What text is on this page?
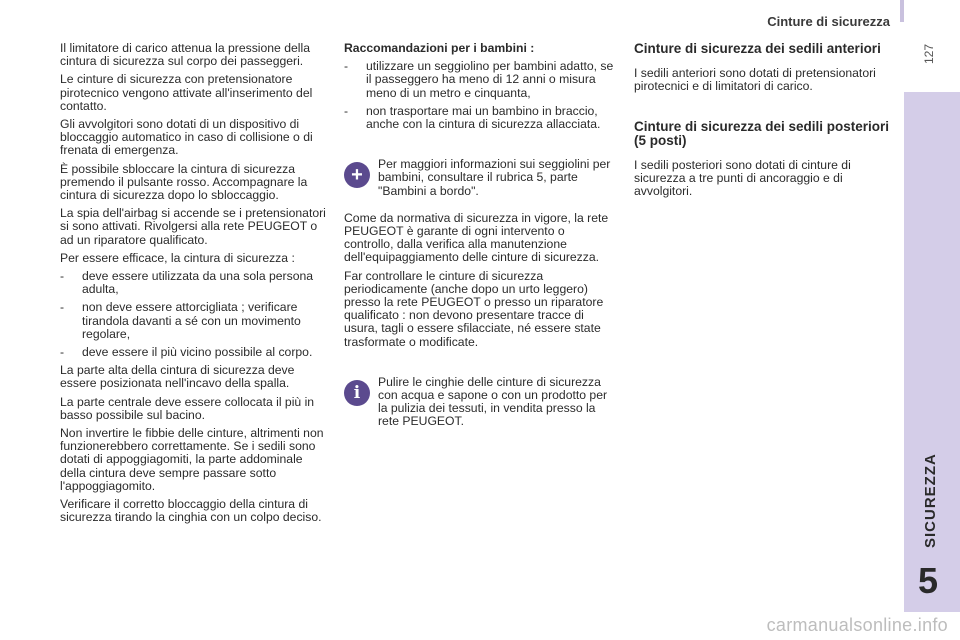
Cinture di sicurezza
127
SICUREZZA
5

Il limitatore di carico attenua la pressione della cintura di sicurezza sul corpo dei passeggeri.

Le cinture di sicurezza con pretensionatore pirotecnico vengono attivate all'inserimento del contatto.

Gli avvolgitori sono dotati di un dispositivo di bloccaggio automatico in caso di collisione o di frenata di emergenza.

È possibile sbloccare la cintura di sicurezza premendo il pulsante rosso. Accompagnare la cintura di sicurezza dopo lo sbloccaggio.

La spia dell'airbag si accende se i pretensionatori si sono attivati. Rivolgersi alla rete PEUGEOT o ad un riparatore qualificato.

Per essere efficace, la cintura di sicurezza :

- deve essere utilizzata da una sola persona adulta,
- non deve essere attorcigliata ; verificare tirandola davanti a sé con un movimento regolare,
- deve essere il più vicino possibile al corpo.

La parte alta della cintura di sicurezza deve essere posizionata nell'incavo della spalla.

La parte centrale deve essere collocata il più in basso possibile sul bacino.

Non invertire le fibbie delle cinture, altrimenti non funzionerebbero correttamente. Se i sedili sono dotati di appoggiagomiti, la parte addominale della cintura deve sempre passare sotto l'appoggiagomito.

Verificare il corretto bloccaggio della cintura di sicurezza tirando la cinghia con un colpo deciso.

Raccomandazioni per i bambini :

- utilizzare un seggiolino per bambini adatto, se il passeggero ha meno di 12 anni o misura meno di un metro e cinquanta,
- non trasportare mai un bambino in braccio, anche con la cintura di sicurezza allacciata.
+	Per maggiori informazioni sui seggiolini per bambini, consultare il rubrica 5, parte "Bambini a bordo".

Come da normativa di sicurezza in vigore, la rete PEUGEOT è garante di ogni intervento o controllo, dalla verifica alla manutenzione dell'equipaggiamento delle cinture di sicurezza.

Far controllare le cinture di sicurezza periodicamente (anche dopo un urto leggero) presso la rete PEUGEOT o presso un riparatore qualificato : non devono presentare tracce di usura, tagli o essere sfilacciate, né essere state trasformate o modificate.

i
Pulire le cinghie delle cinture di sicurezza con acqua e sapone o con un prodotto per la pulizia dei tessuti, in vendita presso la rete PEUGEOT.
Cinture di sicurezza dei sedili anteriori

I sedili anteriori sono dotati di pretensionatori pirotecnici e di limitatori di carico.

Cinture di sicurezza dei sedili posteriori (5 posti)

I sedili posteriori sono dotati di cinture di sicurezza a tre punti di ancoraggio e di avvolgitori.

carmanualsonline.info
